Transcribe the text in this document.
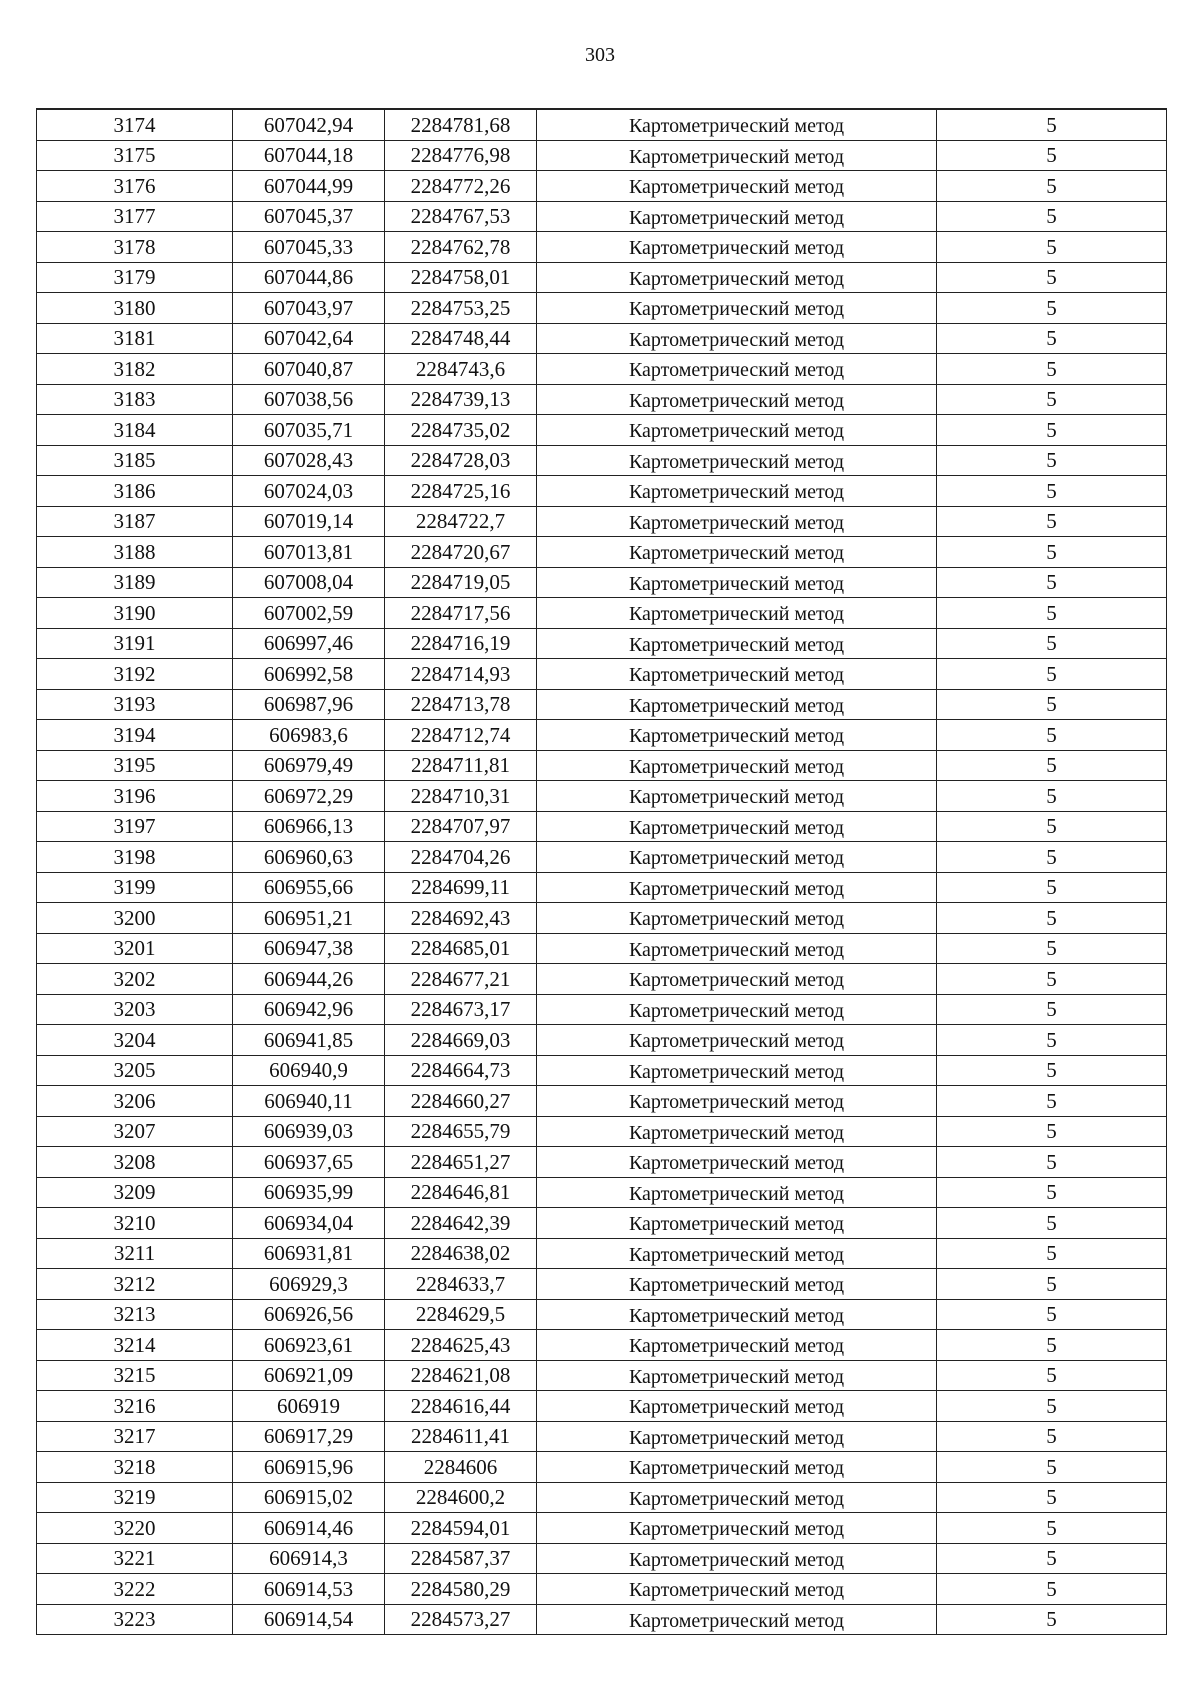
303
3174	607042,94	2284781,68	Картометрический метод	5
3175	607044,18	2284776,98	Картометрический метод	5
3176	607044,99	2284772,26	Картометрический метод	5
3177	607045,37	2284767,53	Картометрический метод	5
3178	607045,33	2284762,78	Картометрический метод	5
3179	607044,86	2284758,01	Картометрический метод	5
3180	607043,97	2284753,25	Картометрический метод	5
3181	607042,64	2284748,44	Картометрический метод	5
3182	607040,87	2284743,6	Картометрический метод	5
3183	607038,56	2284739,13	Картометрический метод	5
3184	607035,71	2284735,02	Картометрический метод	5
3185	607028,43	2284728,03	Картометрический метод	5
3186	607024,03	2284725,16	Картометрический метод	5
3187	607019,14	2284722,7	Картометрический метод	5
3188	607013,81	2284720,67	Картометрический метод	5
3189	607008,04	2284719,05	Картометрический метод	5
3190	607002,59	2284717,56	Картометрический метод	5
3191	606997,46	2284716,19	Картометрический метод	5
3192	606992,58	2284714,93	Картометрический метод	5
3193	606987,96	2284713,78	Картометрический метод	5
3194	606983,6	2284712,74	Картометрический метод	5
3195	606979,49	2284711,81	Картометрический метод	5
3196	606972,29	2284710,31	Картометрический метод	5
3197	606966,13	2284707,97	Картометрический метод	5
3198	606960,63	2284704,26	Картометрический метод	5
3199	606955,66	2284699,11	Картометрический метод	5
3200	606951,21	2284692,43	Картометрический метод	5
3201	606947,38	2284685,01	Картометрический метод	5
3202	606944,26	2284677,21	Картометрический метод	5
3203	606942,96	2284673,17	Картометрический метод	5
3204	606941,85	2284669,03	Картометрический метод	5
3205	606940,9	2284664,73	Картометрический метод	5
3206	606940,11	2284660,27	Картометрический метод	5
3207	606939,03	2284655,79	Картометрический метод	5
3208	606937,65	2284651,27	Картометрический метод	5
3209	606935,99	2284646,81	Картометрический метод	5
3210	606934,04	2284642,39	Картометрический метод	5
3211	606931,81	2284638,02	Картометрический метод	5
3212	606929,3	2284633,7	Картометрический метод	5
3213	606926,56	2284629,5	Картометрический метод	5
3214	606923,61	2284625,43	Картометрический метод	5
3215	606921,09	2284621,08	Картометрический метод	5
3216	606919	2284616,44	Картометрический метод	5
3217	606917,29	2284611,41	Картометрический метод	5
3218	606915,96	2284606	Картометрический метод	5
3219	606915,02	2284600,2	Картометрический метод	5
3220	606914,46	2284594,01	Картометрический метод	5
3221	606914,3	2284587,37	Картометрический метод	5
3222	606914,53	2284580,29	Картометрический метод	5
3223	606914,54	2284573,27	Картометрический метод	5
